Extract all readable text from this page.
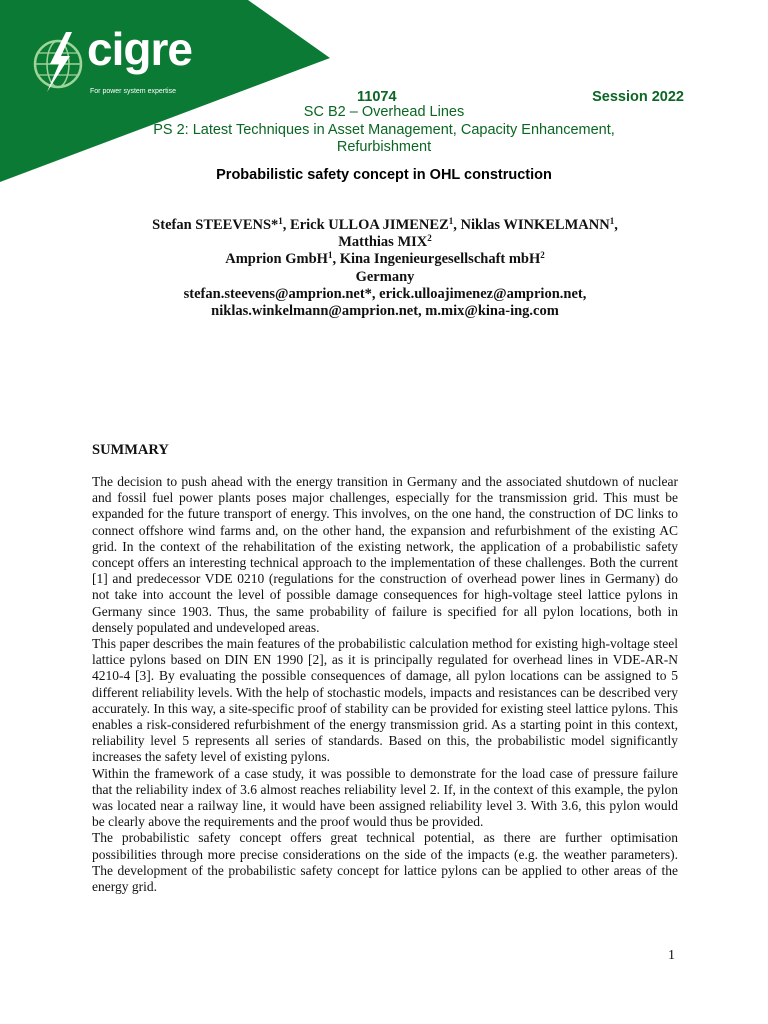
cigre
For power system expertise	11074	Session 2022
SC B2 – Overhead Lines
PS 2: Latest Techniques in Asset Management, Capacity Enhancement,
Refurbishment
Probabilistic safety concept in OHL construction
Stefan STEEVENS*$^1$, Erick ULLOA JIMENEZ$^1$, Niklas WINKELMANN$^1$,
Matthias MIX$^2$
Amprion GmbH$^1$, Kina Ingenieurgesellschaft mbH$^2$
Germany
stefan.steevens@amprion.net*, erick.ulloajimenez@amprion.net,
niklas.winkelmann@amprion.net, m.mix@kina-ing.com
SUMMARY

The decision to push ahead with the energy transition in Germany and the associated shutdown of nuclear and fossil fuel power plants poses major challenges, especially for the transmission grid. This must be expanded for the future transport of energy. This involves, on the one hand, the construction of DC links to connect offshore wind farms and, on the other hand, the expansion and refurbishment of the existing AC grid. In the context of the rehabilitation of the existing network, the application of a probabilistic safety concept offers an interesting technical approach to the implementation of these challenges. Both the current [1] and predecessor VDE 0210 (regulations for the construction of overhead power lines in Germany) do not take into account the level of possible damage consequences for high-voltage steel lattice pylons in Germany since 1903. Thus, the same probability of failure is specified for all pylon locations, both in densely populated and undeveloped areas.

This paper describes the main features of the probabilistic calculation method for existing high-voltage steel lattice pylons based on DIN EN 1990 [2], as it is principally regulated for overhead lines in VDE-AR-N 4210-4 [3]. By evaluating the possible consequences of damage, all pylon locations can be assigned to 5 different reliability levels. With the help of stochastic models, impacts and resistances can be described very accurately. In this way, a site-specific proof of stability can be provided for existing steel lattice pylons. This enables a risk-considered refurbishment of the energy transmission grid. As a starting point in this context, reliability level 5 represents all series of standards. Based on this, the probabilistic model significantly increases the safety level of existing pylons.

Within the framework of a case study, it was possible to demonstrate for the load case of pressure failure that the reliability index of 3.6 almost reaches reliability level 2. If, in the context of this example, the pylon was located near a railway line, it would have been assigned reliability level 3. With 3.6, this pylon would be clearly above the requirements and the proof would thus be provided.

The probabilistic safety concept offers great technical potential, as there are further optimisation possibilities through more precise considerations on the side of the impacts (e.g. the weather parameters). The development of the probabilistic safety concept for lattice pylons can be applied to other areas of the energy grid.

1
